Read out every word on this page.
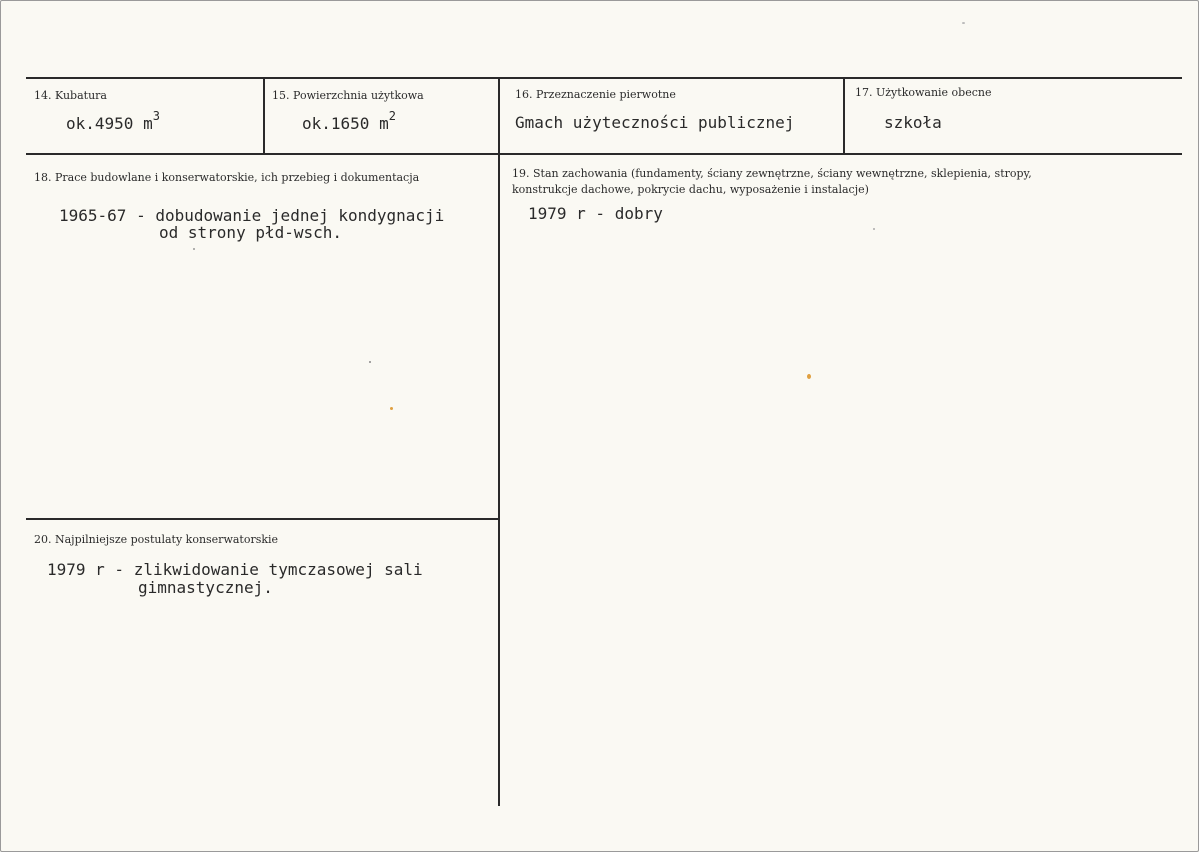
14. Kubatura
ok.4950 $m^3$
15. Powierzchnia użytkowa
ok.1650 $m^2$
16. Przeznaczenie pierwotne
Gmach użyteczności publicznej
17. Użytkowanie obecne
szkoła
18. Prace budowlane i konserwatorskie, ich przebieg i dokumentacja
1965-67 - dobudowanie jednej kondygnacji
od strony płd-wsch.
19. Stan zachowania (fundamenty, ściany zewnętrzne, ściany wewnętrzne, sklepienia, stropy,
konstrukcje dachowe, pokrycie dachu, wyposażenie i instalacje)
1979 r - dobry
20. Najpilniejsze postulaty konserwatorskie
1979 r - zlikwidowanie tymczasowej sali
gimnastycznej.
